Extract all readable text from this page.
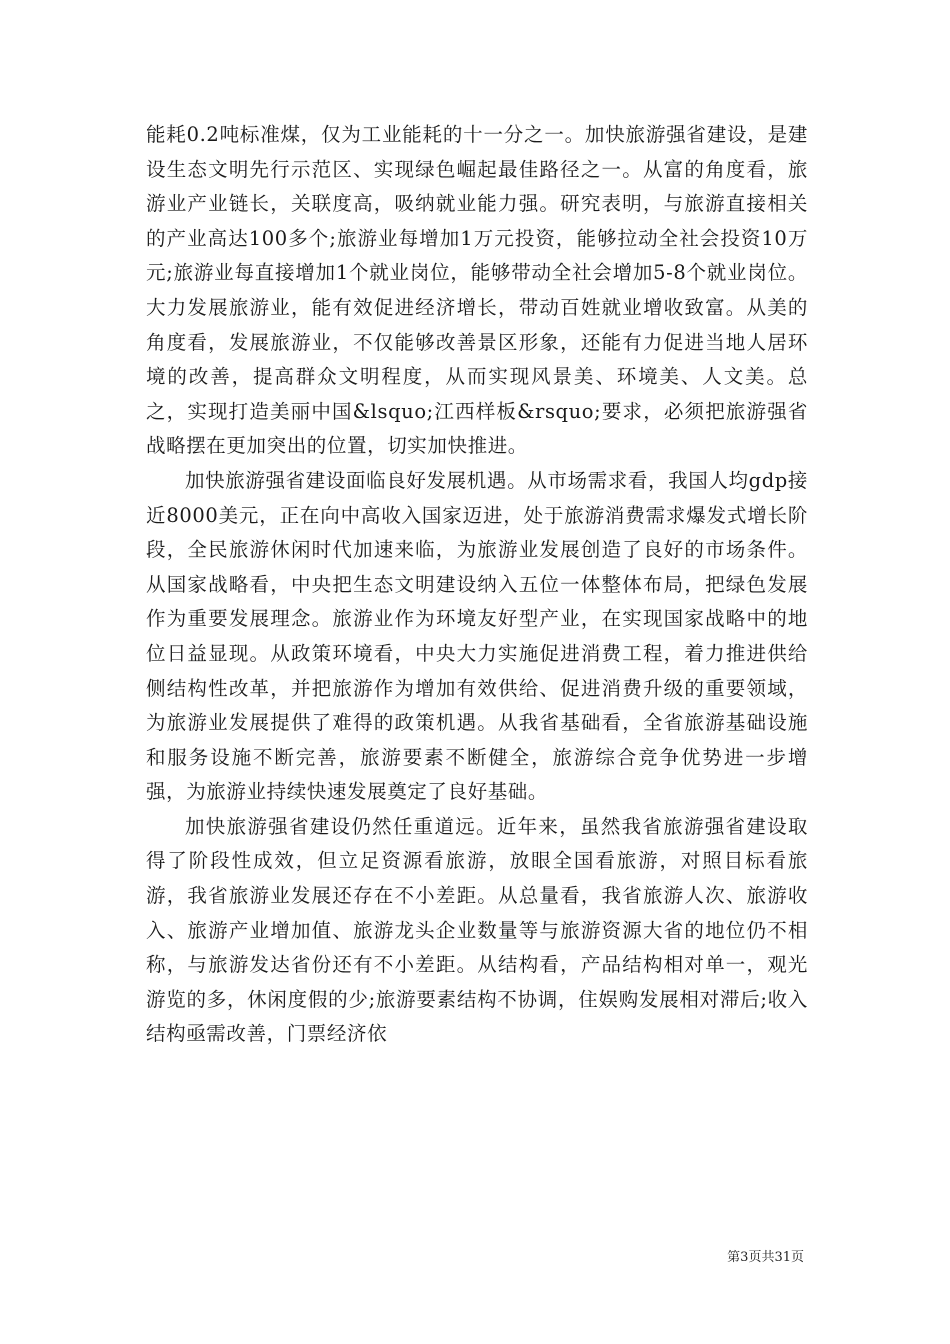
能耗0.2吨标准煤，仅为工业能耗的十一分之一。加快旅游强省建设，是建设生态文明先行示范区、实现绿色崛起最佳路径之一。从富的角度看，旅游业产业链长，关联度高，吸纳就业能力强。研究表明，与旅游直接相关的产业高达100多个;旅游业每增加1万元投资，能够拉动全社会投资10万元;旅游业每直接增加1个就业岗位，能够带动全社会增加5-8个就业岗位。大力发展旅游业，能有效促进经济增长，带动百姓就业增收致富。从美的角度看，发展旅游业，不仅能够改善景区形象，还能有力促进当地人居环境的改善，提高群众文明程度，从而实现风景美、环境美、人文美。总之，实现打造美丽中国&lsquo;江西样板&rsquo;要求，必须把旅游强省战略摆在更加突出的位置，切实加快推进。

加快旅游强省建设面临良好发展机遇。从市场需求看，我国人均gdp接近8000美元，正在向中高收入国家迈进，处于旅游消费需求爆发式增长阶段，全民旅游休闲时代加速来临，为旅游业发展创造了良好的市场条件。从国家战略看，中央把生态文明建设纳入五位一体整体布局，把绿色发展作为重要发展理念。旅游业作为环境友好型产业，在实现国家战略中的地位日益显现。从政策环境看，中央大力实施促进消费工程，着力推进供给侧结构性改革，并把旅游作为增加有效供给、促进消费升级的重要领域，为旅游业发展提供了难得的政策机遇。从我省基础看，全省旅游基础设施和服务设施不断完善，旅游要素不断健全，旅游综合竞争优势进一步增强，为旅游业持续快速发展奠定了良好基础。

加快旅游强省建设仍然任重道远。近年来，虽然我省旅游强省建设取得了阶段性成效，但立足资源看旅游，放眼全国看旅游，对照目标看旅游，我省旅游业发展还存在不小差距。从总量看，我省旅游人次、旅游收入、旅游产业增加值、旅游龙头企业数量等与旅游资源大省的地位仍不相称，与旅游发达省份还有不小差距。从结构看，产品结构相对单一，观光游览的多，休闲度假的少;旅游要素结构不协调，住娱购发展相对滞后;收入结构亟需改善，门票经济依

第3页共31页
